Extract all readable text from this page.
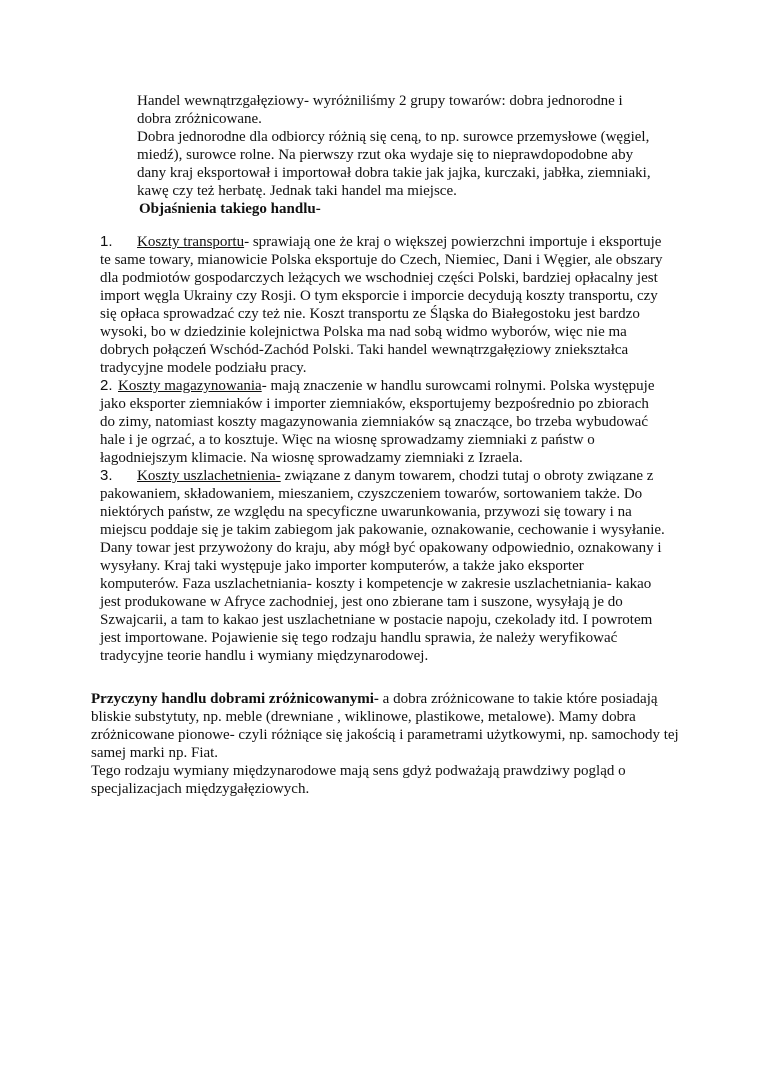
Handel wewnątrzgałęziowy- wyróżniliśmy 2 grupy towarów: dobra jednorodne i dobra zróżnicowane.

Dobra jednorodne dla odbiorcy różnią się ceną, to np. surowce przemysłowe (węgiel, miedź), surowce rolne. Na pierwszy rzut oka wydaje się to nieprawdopodobne aby dany kraj eksportował i importował dobra takie jak jajka, kurczaki, jabłka, ziemniaki, kawę czy też herbatę. Jednak taki handel ma miejsce.

Objaśnienia takiego handlu-

1. Koszty transportu- sprawiają one że kraj o większej powierzchni importuje i eksportuje te same towary, mianowicie Polska eksportuje do Czech, Niemiec, Dani i Węgier, ale obszary dla podmiotów gospodarczych leżących we wschodniej części Polski, bardziej opłacalny jest import węgla Ukrainy czy Rosji. O tym eksporcie i imporcie decydują koszty transportu, czy się opłaca sprowadzać czy też nie. Koszt transportu ze Śląska do Białegostoku jest bardzo wysoki, bo w dziedzinie kolejnictwa Polska ma nad sobą widmo wyborów, więc nie ma dobrych połączeń Wschód-Zachód Polski. Taki handel wewnątrzgałęziowy zniekształca tradycyjne modele podziału pracy.

2. Koszty magazynowania- mają znaczenie w handlu surowcami rolnymi. Polska występuje jako eksporter ziemniaków i importer ziemniaków, eksportujemy bezpośrednio po zbiorach do zimy, natomiast koszty magazynowania ziemniaków są znaczące, bo trzeba wybudować hale i je ogrzać, a to kosztuje. Więc na wiosnę sprowadzamy ziemniaki z państw o łagodniejszym klimacie. Na wiosnę sprowadzamy ziemniaki z Izraela.

3. Koszty uszlachetnienia- związane z danym towarem, chodzi tutaj o obroty związane z pakowaniem, składowaniem, mieszaniem, czyszczeniem towarów, sortowaniem także. Do niektórych państw, ze względu na specyficzne uwarunkowania, przywozi się towary i na miejscu poddaje się je takim zabiegom jak pakowanie, oznakowanie, cechowanie i wysyłanie. Dany towar jest przywożony do kraju, aby mógł być opakowany odpowiednio, oznakowany i wysyłany. Kraj taki występuje jako importer komputerów, a także jako eksporter komputerów. Faza uszlachetniania- koszty i kompetencje w zakresie uszlachetniania- kakao jest produkowane w Afryce zachodniej, jest ono zbierane tam i suszone, wysyłają je do Szwajcarii, a tam to kakao jest uszlachetniane w postacie napoju, czekolady itd. I powrotem jest importowane. Pojawienie się tego rodzaju handlu sprawia, że należy weryfikować tradycyjne teorie handlu i wymiany międzynarodowej.

Przyczyny handlu dobrami zróżnicowanymi- a dobra zróżnicowane to takie które posiadają bliskie substytuty, np. meble (drewniane , wiklinowe, plastikowe, metalowe). Mamy dobra zróżnicowane pionowe- czyli różniące się jakością i parametrami użytkowymi, np. samochody tej samej marki np. Fiat.

Tego rodzaju wymiany międzynarodowe mają sens gdyż podważają prawdziwy pogląd o specjalizacjach międzygałęziowych.
